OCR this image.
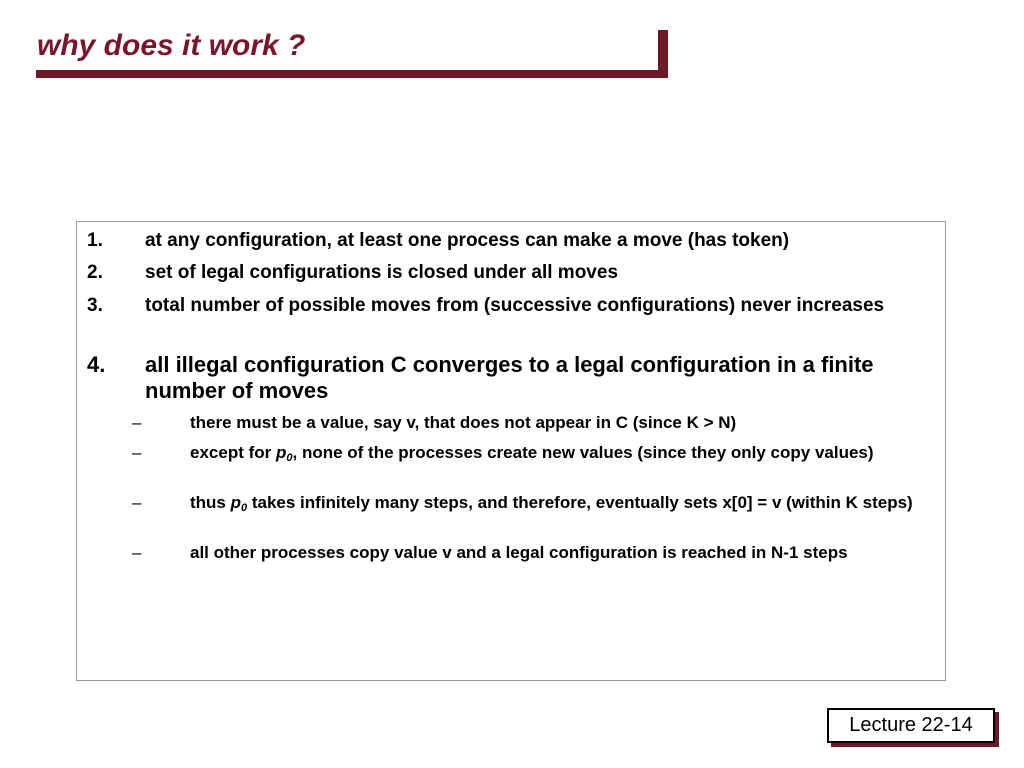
why does it work ?
1. at any configuration, at least one process can make a move (has token)
2. set of legal configurations is closed under all moves
3. total number of possible moves from (successive configurations) never increases
4. all illegal configuration C converges to a legal configuration in a finite number of moves
–	there must be a value, say v, that does not appear in C (since K > N)
–	except for p0, none of the processes create new values (since they only copy values)
–	thus p0 takes infinitely many steps, and therefore, eventually sets x[0] = v (within K steps)
–	all other processes copy value v and a legal configuration is reached in N-1 steps
Lecture 22-14
